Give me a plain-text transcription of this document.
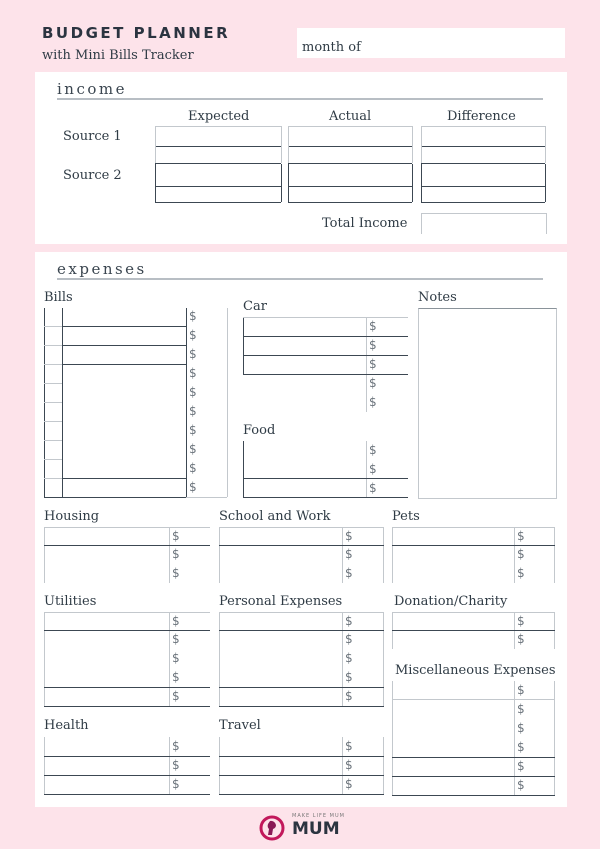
BUDGET PLANNER
with Mini Bills Tracker
month of
income
Expected	Actual	Difference
Source 1
Source 2
Total Income
expenses
Bills
$
$
$
$
$
$
$
$
$
$
Car
$
$
$
$
$
Food
$
$
$
Notes
Housing
$
$
$
School and Work
$
$
$
Pets
$
$
$
Utilities
$
$
$
$
$
Personal Expenses
$
$
$
$
$
Donation/Charity
$
$
Miscellaneous Expenses
$
$
$
$
$
$
Health
$
$
$
Travel
$
$
$
MAKE LIFE MUM
MUM
